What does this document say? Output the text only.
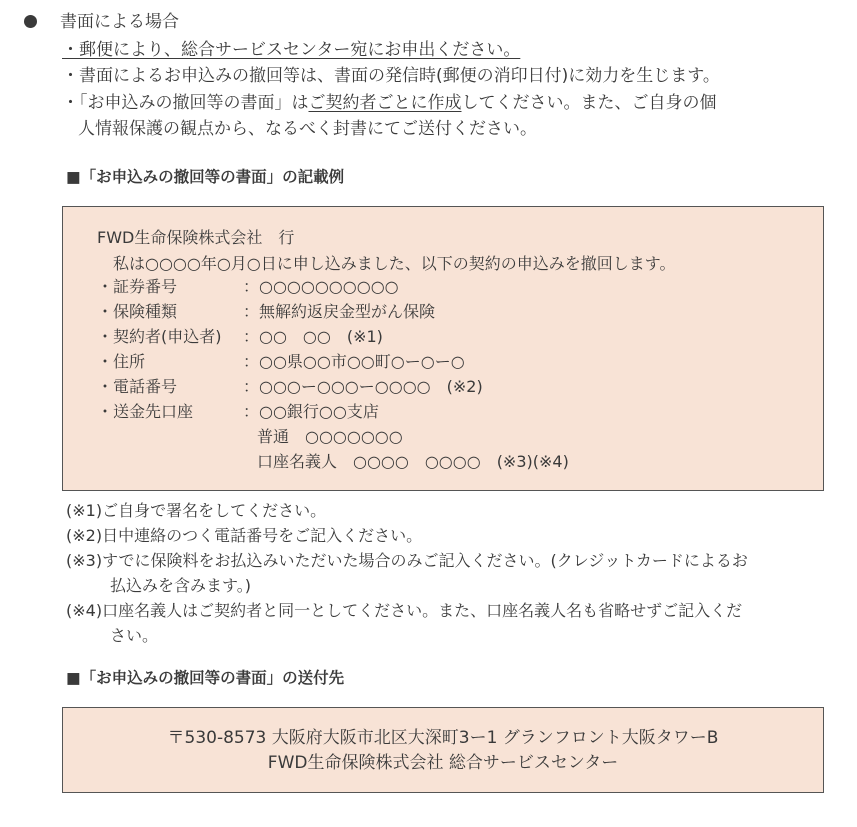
書面による場合
・郵便により、総合サービスセンター宛にお申出ください。
・書面によるお申込みの撤回等は、書面の発信時(郵便の消印日付)に効力を生じます。
・「お申込みの撤回等の書面」はご契約者ごとに作成してください。また、ご自身の個
人情報保護の観点から、なるべく封書にてご送付ください。
■「お申込みの撤回等の書面」の記載例
FWD生命保険株式会社　行
私は○○○○年○月○日に申し込みました、以下の契約の申込みを撤回します。
・証券番号	：○○○○○○○○○○
・保険種類	：無解約返戻金型がん保険
・契約者(申込者) ：○○　○○　(※1)
・住所	：○○県○○市○○町○ー○ー○
・電話番号	：○○○ー○○○ー○○○○　(※2)
・送金先口座	：○○銀行○○支店
普通　○○○○○○○
口座名義人　○○○○　○○○○　(※3)(※4)
(※1)ご自身で署名をしてください。
(※2)日中連絡のつく電話番号をご記入ください。
(※3)すでに保険料をお払込みいただいた場合のみご記入ください。(クレジットカードによるお
払込みを含みます。)
(※4)口座名義人はご契約者と同一としてください。また、口座名義人名も省略せずご記入くだ
さい。
■「お申込みの撤回等の書面」の送付先
〒530-8573 大阪府大阪市北区大深町3ー1 グランフロント大阪タワーB
FWD生命保険株式会社 総合サービスセンター
